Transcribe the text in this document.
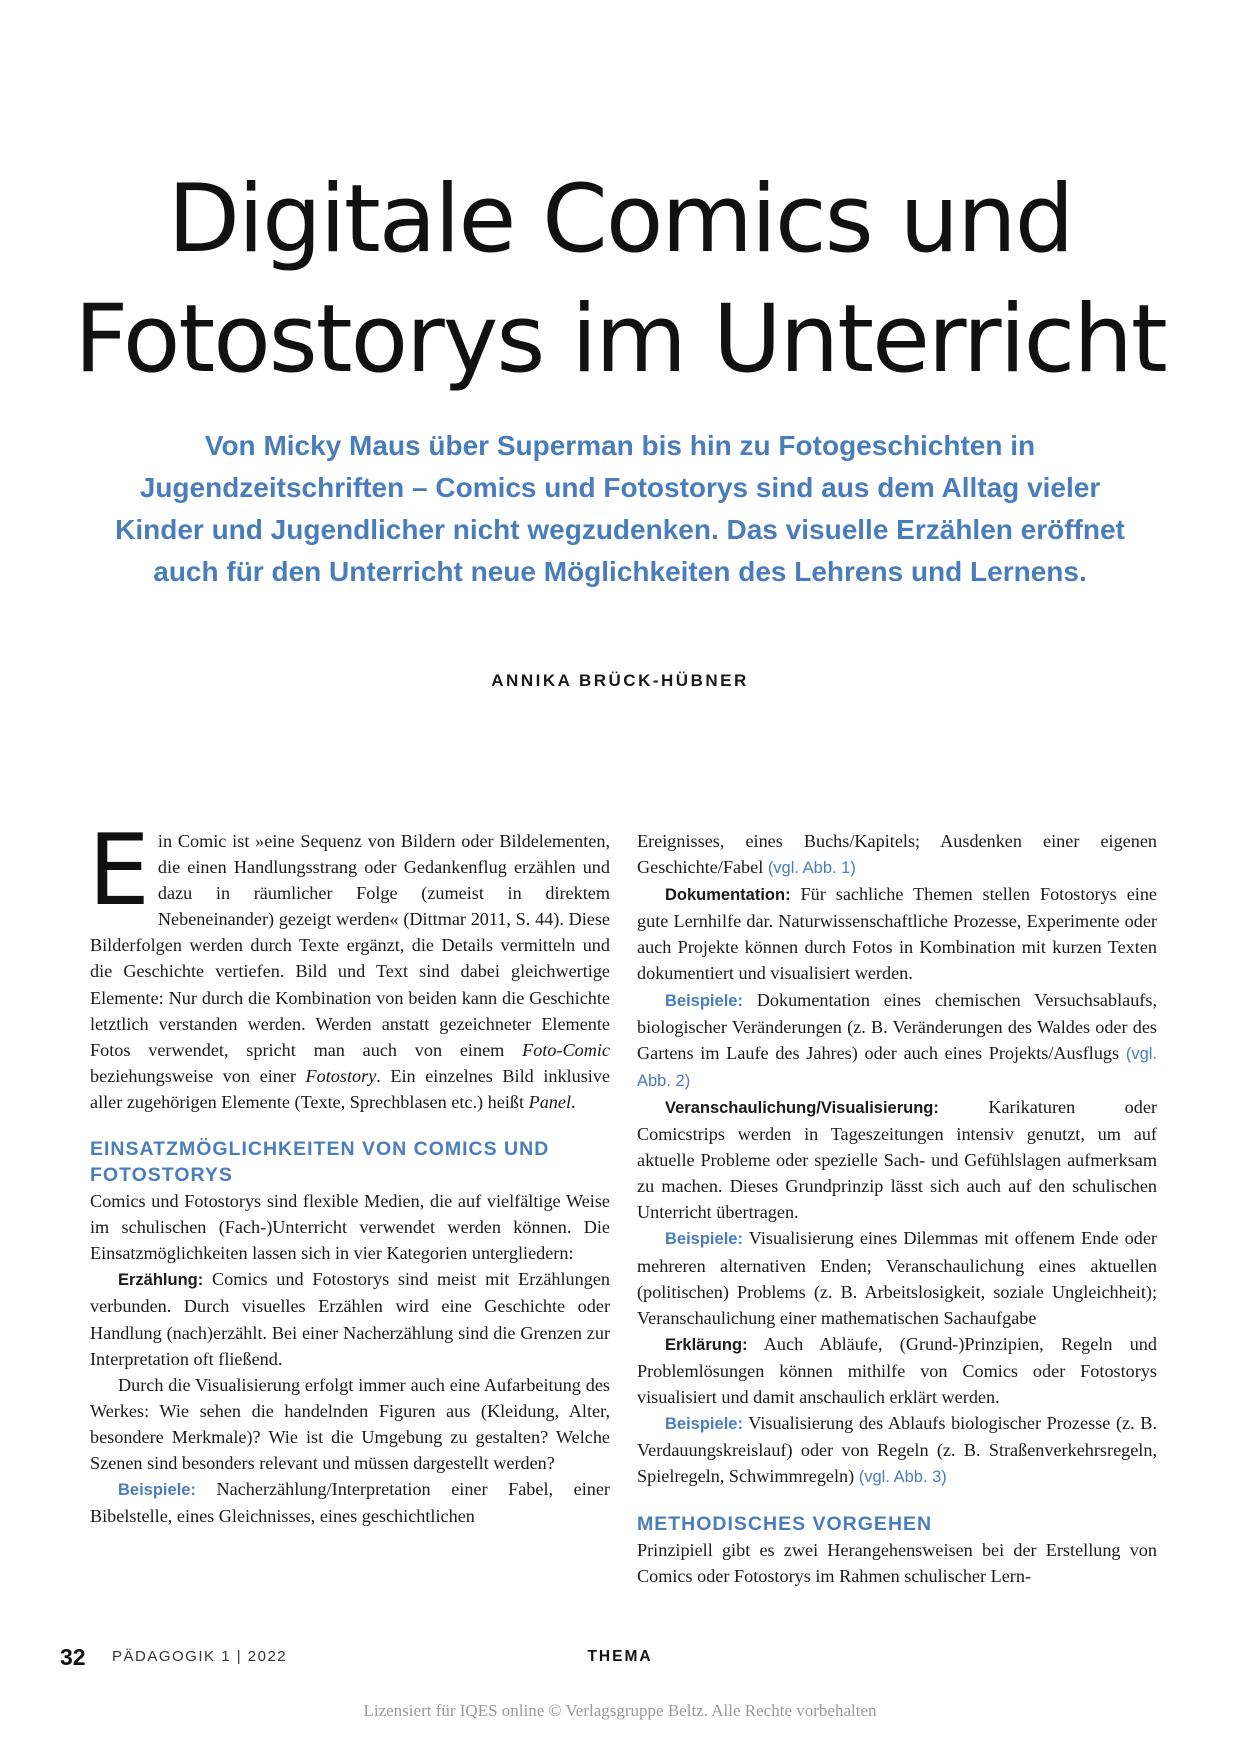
Digitale Comics und
Fotostorys im Unterricht

Von Micky Maus über Superman bis hin zu Fotogeschichten in Jugendzeitschriften – Comics und Fotostorys sind aus dem Alltag vieler Kinder und Jugendlicher nicht wegzudenken. Das visuelle Erzählen eröffnet auch für den Unterricht neue Möglichkeiten des Lehrens und Lernens.

ANNIKA BRÜCK-HÜBNER

Ein Comic ist »eine Sequenz von Bildern oder Bildelementen, die einen Handlungsstrang oder Gedankenflug erzählen und dazu in räumlicher Folge (zumeist in direktem Nebeneinander) gezeigt werden« (Dittmar 2011, S. 44). Diese Bilderfolgen werden durch Texte ergänzt, die Details vermitteln und die Geschichte vertiefen. Bild und Text sind dabei gleichwertige Elemente: Nur durch die Kombination von beiden kann die Geschichte letztlich verstanden werden. Werden anstatt gezeichneter Elemente Fotos verwendet, spricht man auch von einem Foto-Comic beziehungsweise von einer Fotostory. Ein einzelnes Bild inklusive aller zugehörigen Elemente (Texte, Sprechblasen etc.) heißt Panel.

EINSATZMÖGLICHKEITEN VON COMICS UND FOTOSTORYS

Comics und Fotostorys sind flexible Medien, die auf vielfältige Weise im schulischen (Fach-)Unterricht verwendet werden können. Die Einsatzmöglichkeiten lassen sich in vier Kategorien untergliedern:

Erzählung: Comics und Fotostorys sind meist mit Erzählungen verbunden. Durch visuelles Erzählen wird eine Geschichte oder Handlung (nach)erzählt. Bei einer Nacherzählung sind die Grenzen zur Interpretation oft fließend.

Durch die Visualisierung erfolgt immer auch eine Aufarbeitung des Werkes: Wie sehen die handelnden Figuren aus (Kleidung, Alter, besondere Merkmale)? Wie ist die Umgebung zu gestalten? Welche Szenen sind besonders relevant und müssen dargestellt werden?

Beispiele: Nacherzählung/Interpretation einer Fabel, einer Bibelstelle, eines Gleichnisses, eines geschichtlichen

Ereignisses, eines Buchs/Kapitels; Ausdenken einer eigenen Geschichte/Fabel (vgl. Abb. 1)

Dokumentation: Für sachliche Themen stellen Fotostorys eine gute Lernhilfe dar. Naturwissenschaftliche Prozesse, Experimente oder auch Projekte können durch Fotos in Kombination mit kurzen Texten dokumentiert und visualisiert werden.

Beispiele: Dokumentation eines chemischen Versuchsablaufs, biologischer Veränderungen (z. B. Veränderungen des Waldes oder des Gartens im Laufe des Jahres) oder auch eines Projekts/Ausflugs (vgl. Abb. 2)

Veranschaulichung/Visualisierung: Karikaturen oder Comicstrips werden in Tageszeitungen intensiv genutzt, um auf aktuelle Probleme oder spezielle Sach- und Gefühlslagen aufmerksam zu machen. Dieses Grundprinzip lässt sich auch auf den schulischen Unterricht übertragen.

Beispiele: Visualisierung eines Dilemmas mit offenem Ende oder mehreren alternativen Enden; Veranschaulichung eines aktuellen (politischen) Problems (z. B. Arbeitslosigkeit, soziale Ungleichheit); Veranschaulichung einer mathematischen Sachaufgabe

Erklärung: Auch Abläufe, (Grund-)Prinzipien, Regeln und Problemlösungen können mithilfe von Comics oder Fotostorys visualisiert und damit anschaulich erklärt werden.

Beispiele: Visualisierung des Ablaufs biologischer Prozesse (z. B. Verdauungskreislauf) oder von Regeln (z. B. Straßenverkehrsregeln, Spielregeln, Schwimmregeln) (vgl. Abb. 3)

METHODISCHES VORGEHEN

Prinzipiell gibt es zwei Herangehensweisen bei der Erstellung von Comics oder Fotostorys im Rahmen schulischer Lern-

32 PÄDAGOGIK 1 | 2022	THEMA
Lizensiert für IQES online © Verlagsgruppe Beltz. Alle Rechte vorbehalten
